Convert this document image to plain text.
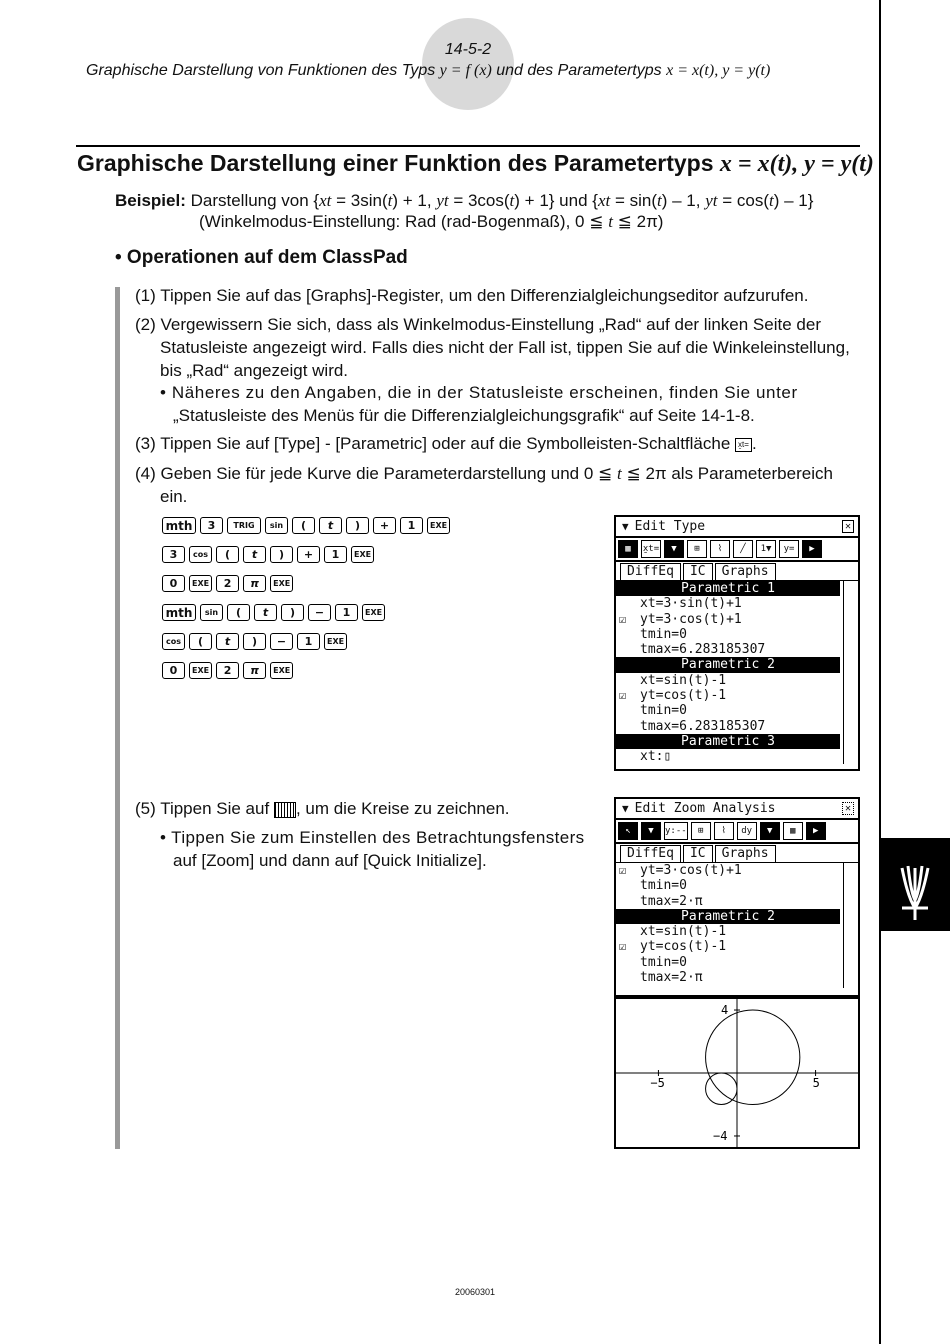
14-5-2
Graphische Darstellung von Funktionen des Typs y = f (x) und des Parametertyps x = x(t), y = y(t)
Graphische Darstellung einer Funktion des Parametertyps x = x(t), y = y(t)
Beispiel: Darstellung von {xt = 3sin(t) + 1, yt = 3cos(t) + 1} und {xt = sin(t) – 1, yt = cos(t) – 1}
(Winkelmodus-Einstellung: Rad (rad-Bogenmaß), 0 ≦ t ≦ 2π)
• Operationen auf dem ClassPad
(1) Tippen Sie auf das [Graphs]-Register, um den Differenzialgleichungseditor aufzurufen.
(2) Vergewissern Sie sich, dass als Winkelmodus-Einstellung „Rad“ auf der linken Seite der
Statusleiste angezeigt wird. Falls dies nicht der Fall ist, tippen Sie auf die Winkeleinstellung,
bis „Rad“ angezeigt wird.
• Näheres zu den Angaben, die in der Statusleiste erscheinen, finden Sie unter
„Statusleiste des Menüs für die Differenzialgleichungsgrafik“ auf Seite 14-1-8.
(3) Tippen Sie auf [Type] - [Parametric] oder auf die Symbolleisten-Schaltfläche x̱t= .
(4) Geben Sie für jede Kurve die Parameterdarstellung und 0 ≦ t ≦ 2π als Parameterbereich
ein.
mth	3	TRIG	sin	(	t	)	+	1	EXE
3	cos	(	t	)	+	1	EXE
0	EXE	2	π	EXE
mth	sin	(	t	)	−	1	EXE
cos	(	t	)	−	1	EXE
0	EXE	2	π	EXE
▼ Edit Type	✕
▦	x̱t=	▼	⊞	⌇	╱	1▼	y=	▶
DiffEq	IC	Graphs
Parametric 1
xt=3·sin(t)+1
☑ yt=3·cos(t)+1
tmin=0
tmax=6.283185307
Parametric 2
xt=sin(t)-1
☑ yt=cos(t)-1
tmin=0
tmax=6.283185307
Parametric 3
xt:▯
(5) Tippen Sie auf , um die Kreise zu zeichnen.
• Tippen Sie zum Einstellen des Betrachtungsfensters
auf [Zoom] und dann auf [Quick Initialize].
▼ Edit Zoom Analysis	✕
↖	▼	y:--	⊞	⌇	dy	▼	▦	▶
DiffEq	IC	Graphs
☑ yt=3·cos(t)+1
tmin=0
tmax=2·π
Parametric 2
xt=sin(t)-1
☑ yt=cos(t)-1
tmin=0
tmax=2·π
4
−4
−5	5
20060301
